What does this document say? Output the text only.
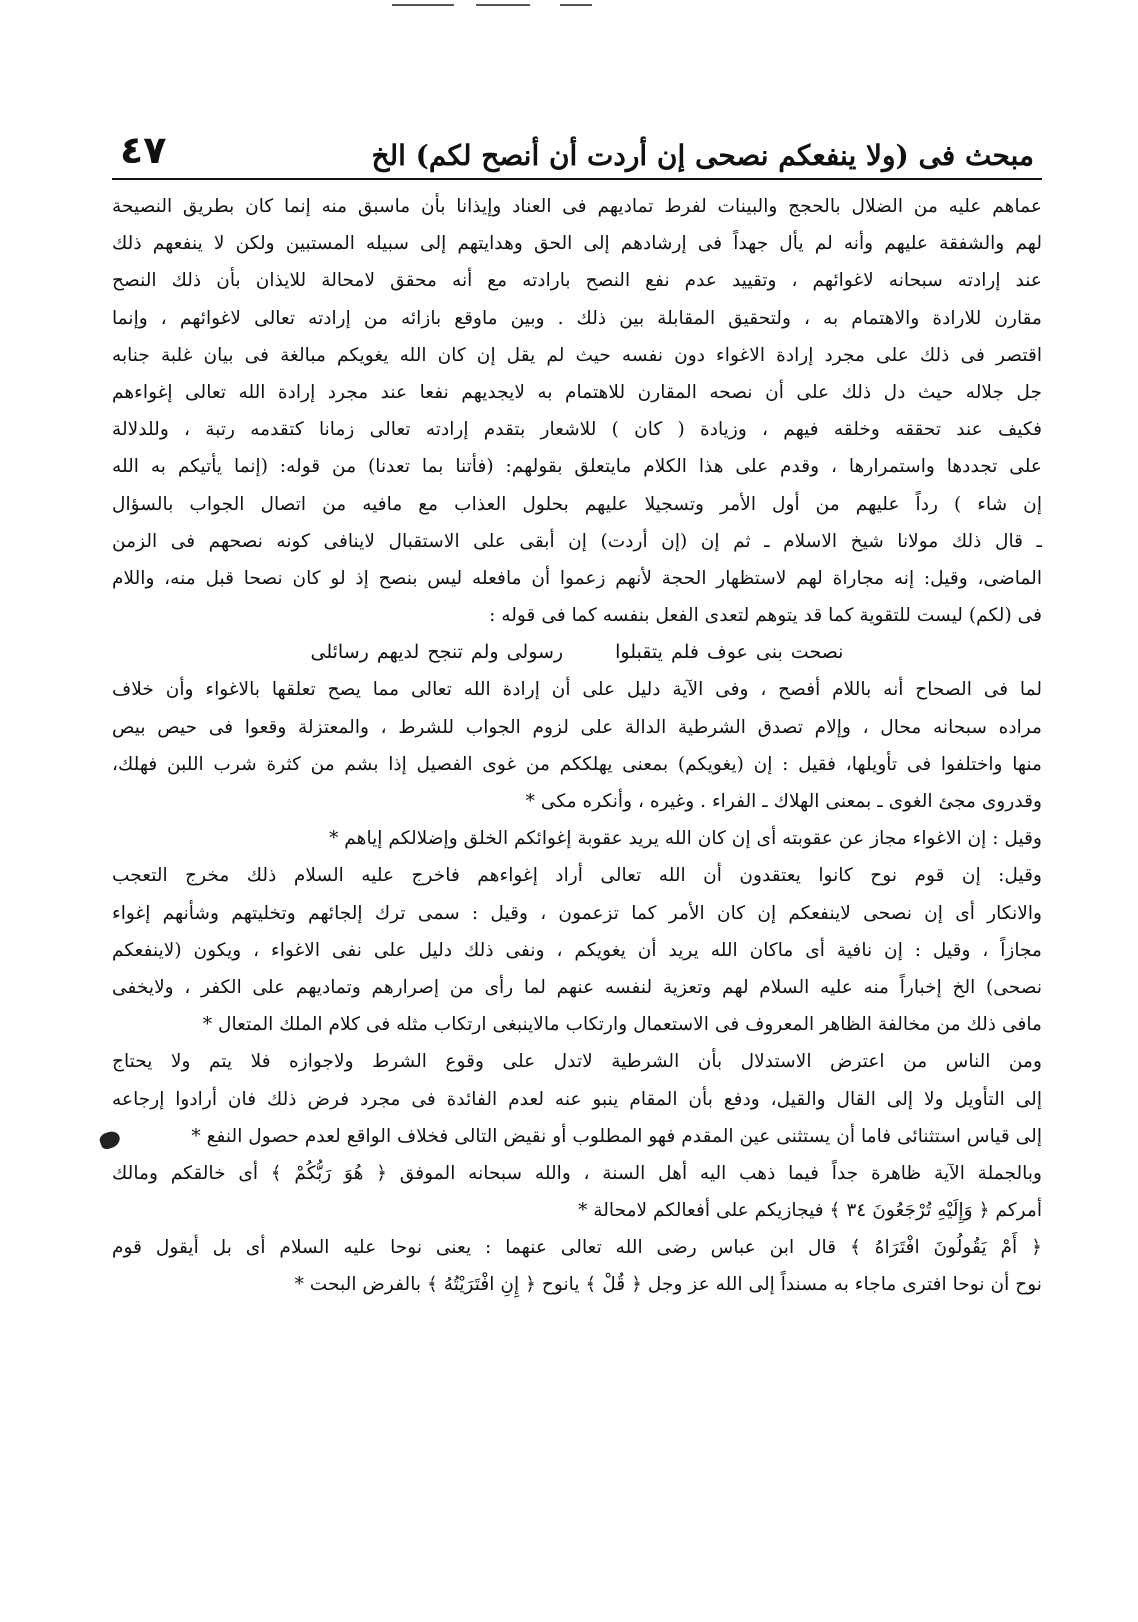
مبحث فى (ولا ينفعكم نصحى إن أردت أن أنصح لكم) الخ
٤٧
عماهم عليه من الضلال بالحجج والبينات لفرط تماديهم فى العناد وإيذانا بأن ماسبق منه إنما كان بطريق النصيحة
لهم والشفقة عليهم وأنه لم يأل جهداً فى إرشادهم إلى الحق وهدايتهم إلى سبيله المستبين ولكن لا ينفعهم ذلك
عند إرادته سبحانه لاغوائهم ، وتقييد عدم نفع النصح بارادته مع أنه محقق لامحالة للايذان بأن ذلك النصح
مقارن للارادة والاهتمام به ، ولتحقيق المقابلة بين ذلك . وبين ماوقع بازائه من إرادته تعالى لاغوائهم ، وإنما
اقتصر فى ذلك على مجرد إرادة الاغواء دون نفسه حيث لم يقل إن كان الله يغويكم مبالغة فى بيان غلبة جنابه
جل جلاله حيث دل ذلك على أن نصحه المقارن للاهتمام به لايجديهم نفعا عند مجرد إرادة الله تعالى إغواءهم
فكيف عند تحققه وخلقه فيهم ، وزيادة ( كان ) للاشعار بتقدم إرادته تعالى زمانا كتقدمه رتبة ، وللدلالة
على تجددها واستمرارها ، وقدم على هذا الكلام مايتعلق بقولهم: (فأتنا بما تعدنا) من قوله: (إنما يأتيكم به الله
إن شاء ) رداً عليهم من أول الأمر وتسجيلا عليهم بحلول العذاب مع مافيه من اتصال الجواب بالسؤال
ـ قال ذلك مولانا شيخ الاسلام ـ ثم إن (إن أردت) إن أبقى على الاستقبال لاينافى كونه نصحهم فى الزمن
الماضى، وقيل: إنه مجاراة لهم لاستظهار الحجة لأنهم زعموا أن مافعله ليس بنصح إذ لو كان نصحا قبل منه، واللام
فى (لكم) ليست للتقوية كما قد يتوهم لتعدى الفعل بنفسه كما فى قوله :
نصحت بنى عوف فلم يتقبلوا رسولى ولم تنجح لديهم رسائلى
لما فى الصحاح أنه باللام أفصح ، وفى الآية دليل على أن إرادة الله تعالى مما يصح تعلقها بالاغواء وأن خلاف
مراده سبحانه محال ، وإلام تصدق الشرطية الدالة على لزوم الجواب للشرط ، والمعتزلة وقعوا فى حيص بيص
منها واختلفوا فى تأويلها، فقيل : إن (يغويكم) بمعنى يهلككم من غوى الفصيل إذا بشم من كثرة شرب اللبن فهلك،
وقدروى مجئ الغوى ـ بمعنى الهلاك ـ الفراء . وغيره ، وأنكره مكى *
وقيل : إن الاغواء مجاز عن عقوبته أى إن كان الله يريد عقوبة إغوائكم الخلق وإضلالكم إياهم *
وقيل: إن قوم نوح كانوا يعتقدون أن الله تعالى أراد إغواءهم فاخرج عليه السلام ذلك مخرج التعجب
والانكار أى إن نصحى لاينفعكم إن كان الأمر كما تزعمون ، وقيل : سمى ترك إلجائهم وتخليتهم وشأنهم إغواء
مجازاً ، وقيل : إن نافية أى ماكان الله يريد أن يغويكم ، ونفى ذلك دليل على نفى الاغواء ، ويكون (لاينفعكم
نصحى) الخ إخباراً منه عليه السلام لهم وتعزية لنفسه عنهم لما رأى من إصرارهم وتماديهم على الكفر ، ولايخفى
مافى ذلك من مخالفة الظاهر المعروف فى الاستعمال وارتكاب مالاينبغى ارتكاب مثله فى كلام الملك المتعال *
ومن الناس من اعترض الاستدلال بأن الشرطية لاتدل على وقوع الشرط ولاجوازه فلا يتم ولا يحتاج
إلى التأويل ولا إلى القال والقيل، ودفع بأن المقام ينبو عنه لعدم الفائدة فى مجرد فرض ذلك فان أرادوا إرجاعه
إلى قياس استثنائى فاما أن يستثنى عين المقدم فهو المطلوب أو نقيض التالى فخلاف الواقع لعدم حصول النفع *
وبالجملة الآية ظاهرة جداً فيما ذهب اليه أهل السنة ، والله سبحانه الموفق ﴿ هُوَ رَبُّكُمْ ﴾ أى خالقكم ومالك
أمركم ﴿ وَإِلَيْهِ تُرْجَعُونَ ٣٤ ﴾ فيجازيكم على أفعالكم لامحالة *
﴿ أَمْ يَقُولُونَ افْتَرَاهُ ﴾ قال ابن عباس رضى الله تعالى عنهما : يعنى نوحا عليه السلام أى بل أيقول قوم
نوح أن نوحا افترى ماجاء به مسنداً إلى الله عز وجل ﴿ قُلْ ﴾ يانوح ﴿ إِنِ افْتَرَيْتُهُ ﴾ بالفرض البحت *
